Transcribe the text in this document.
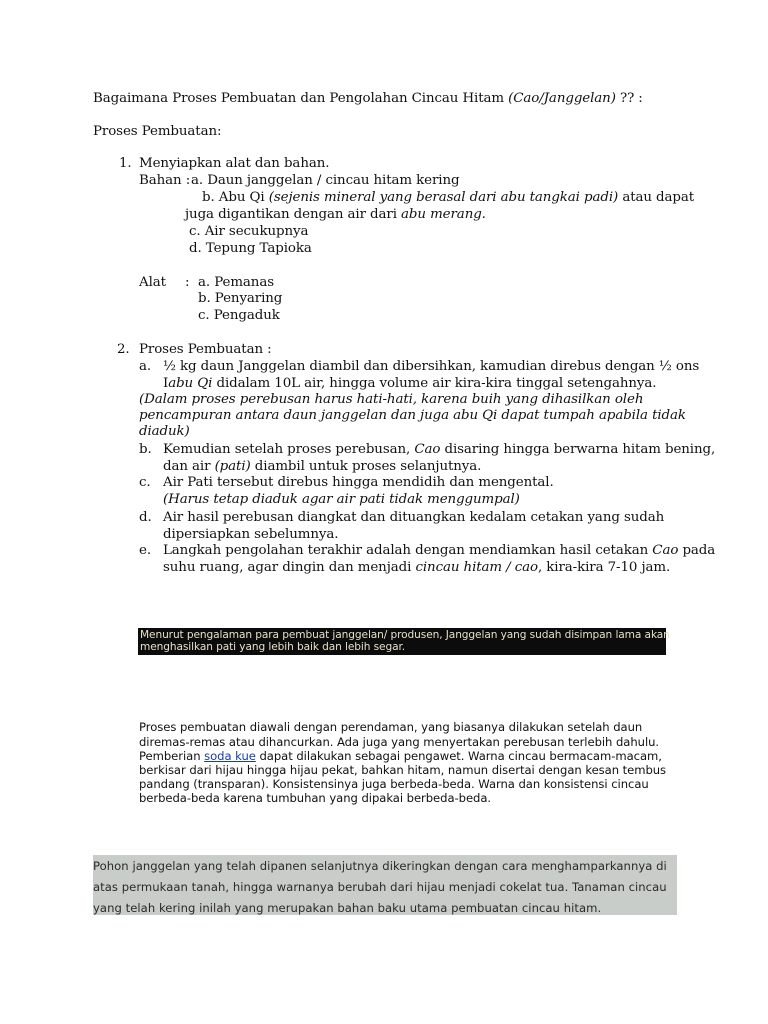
Bagaimana Proses Pembuatan dan Pengolahan Cincau Hitam (Cao/Janggelan) ?? :
Proses Pembuatan:
1. Menyiapkan alat dan bahan.
Bahan : a. Daun janggelan / cincau hitam kering
b. Abu Qi (sejenis mineral yang berasal dari abu tangkai padi) atau dapat
juga digantikan dengan air dari abu merang.
c. Air secukupnya
d. Tepung Tapioka
Alat : a. Pemanas
b. Penyaring
c. Pengaduk
2. Proses Pembuatan :
a. ½ kg daun Janggelan diambil dan dibersihkan, kamudian direbus dengan ½ ons
Iabu Qi didalam 10L air, hingga volume air kira-kira tinggal setengahnya.
(Dalam proses perebusan harus hati-hati, karena buih yang dihasilkan oleh
pencampuran antara daun janggelan dan juga abu Qi dapat tumpah apabila tidak
diaduk)
b. Kemudian setelah proses perebusan, Cao disaring hingga berwarna hitam bening,
dan air (pati) diambil untuk proses selanjutnya.
c. Air Pati tersebut direbus hingga mendidih dan mengental.
(Harus tetap diaduk agar air pati tidak menggumpal)
d. Air hasil perebusan diangkat dan dituangkan kedalam cetakan yang sudah
dipersiapkan sebelumnya.
e. Langkah pengolahan terakhir adalah dengan mendiamkan hasil cetakan Cao pada
suhu ruang, agar dingin dan menjadi cincau hitam / cao, kira-kira 7-10 jam.
Menurut pengalaman para pembuat janggelan/ produsen, Janggelan yang sudah disimpan lama akan
menghasilkan pati yang lebih baik dan lebih segar.
Proses pembuatan diawali dengan perendaman, yang biasanya dilakukan setelah daun
diremas-remas atau dihancurkan. Ada juga yang menyertakan perebusan terlebih dahulu.
Pemberian soda kue dapat dilakukan sebagai pengawet. Warna cincau bermacam-macam,
berkisar dari hijau hingga hijau pekat, bahkan hitam, namun disertai dengan kesan tembus
pandang (transparan). Konsistensinya juga berbeda-beda. Warna dan konsistensi cincau
berbeda-beda karena tumbuhan yang dipakai berbeda-beda.
Pohon janggelan yang telah dipanen selanjutnya dikeringkan dengan cara menghamparkannya di
atas permukaan tanah, hingga warnanya berubah dari hijau menjadi cokelat tua. Tanaman cincau
yang telah kering inilah yang merupakan bahan baku utama pembuatan cincau hitam.
